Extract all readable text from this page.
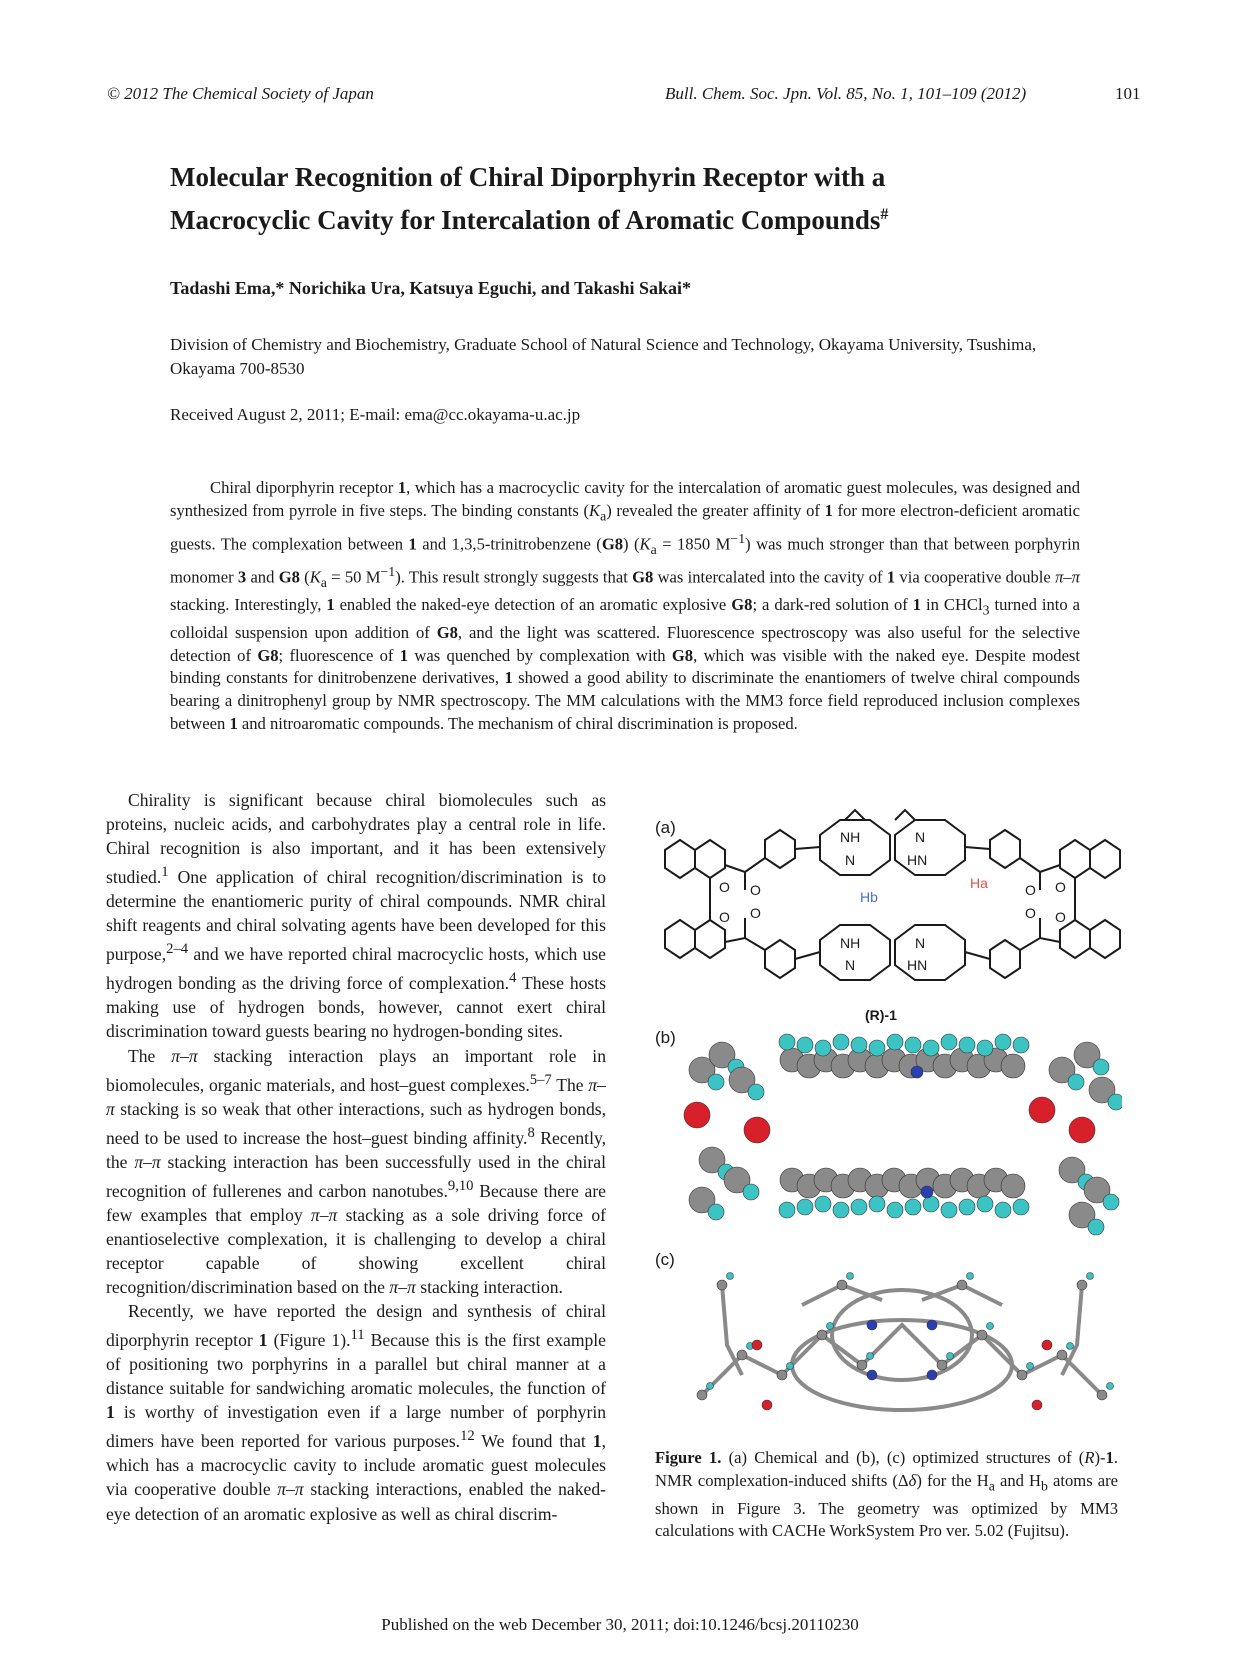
© 2012 The Chemical Society of Japan	Bull. Chem. Soc. Jpn. Vol. 85, No. 1, 101–109 (2012)	101
Molecular Recognition of Chiral Diporphyrin Receptor with a
Macrocyclic Cavity for Intercalation of Aromatic Compounds#
Tadashi Ema,* Norichika Ura, Katsuya Eguchi, and Takashi Sakai*
Division of Chemistry and Biochemistry, Graduate School of Natural Science and Technology, Okayama University, Tsushima, Okayama 700-8530
Received August 2, 2011; E-mail: ema@cc.okayama-u.ac.jp
Chiral diporphyrin receptor 1, which has a macrocyclic cavity for the intercalation of aromatic guest molecules, was designed and synthesized from pyrrole in five steps. The binding constants $(K_a)$ revealed the greater affinity of 1 for more electron-deficient aromatic guests. The complexation between 1 and 1,3,5-trinitrobenzene (G8) ($K_a = 1850$ $M^{-1}$) was much stronger than that between porphyrin monomer 3 and G8 ($K_a = 50$ $M^{-1}$). This result strongly suggests that G8 was intercalated into the cavity of 1 via cooperative double π–π stacking. Interestingly, 1 enabled the naked-eye detection of an aromatic explosive G8; a dark-red solution of 1 in CHCl$_3$ turned into a colloidal suspension upon addition of G8, and the light was scattered. Fluorescence spectroscopy was also useful for the selective detection of G8; fluorescence of 1 was quenched by complexation with G8, which was visible with the naked eye. Despite modest binding constants for dinitrobenzene derivatives, 1 showed a good ability to discriminate the enantiomers of twelve chiral compounds bearing a dinitrophenyl group by NMR spectroscopy. The MM calculations with the MM3 force field reproduced inclusion complexes between 1 and nitroaromatic compounds. The mechanism of chiral discrimination is proposed.

Chirality is significant because chiral biomolecules such as proteins, nucleic acids, and carbohydrates play a central role in life. Chiral recognition is also important, and it has been extensively studied.$^1$ One application of chiral recognition/discrimination is to determine the enantiomeric purity of chiral compounds. NMR chiral shift reagents and chiral solvating agents have been developed for this purpose,$^{2-4}$ and we have reported chiral macrocyclic hosts, which use hydrogen bonding as the driving force of complexation.$^4$ These hosts making use of hydrogen bonds, however, cannot exert chiral discrimination toward guests bearing no hydrogen-bonding sites.

The π–π stacking interaction plays an important role in biomolecules, organic materials, and host–guest complexes.$^{5-7}$ The π–π stacking is so weak that other interactions, such as hydrogen bonds, need to be used to increase the host–guest binding affinity.$^8$ Recently, the π–π stacking interaction has been successfully used in the chiral recognition of fullerenes and carbon nanotubes.$^{9,10}$ Because there are few examples that employ π–π stacking as a sole driving force of enantioselective complexation, it is challenging to develop a chiral receptor capable of showing excellent chiral recognition/discrimination based on the π–π stacking interaction.

Recently, we have reported the design and synthesis of chiral diporphyrin receptor 1 (Figure 1).$^{11}$ Because this is the first example of positioning two porphyrins in a parallel but chiral manner at a distance suitable for sandwiching aromatic molecules, the function of 1 is worthy of investigation even if a large number of porphyrin dimers have been reported for various purposes.$^{12}$ We found that 1, which has a macrocyclic cavity to include aromatic guest molecules via cooperative double π–π stacking interactions, enabled the naked-eye detection of an aromatic explosive as well as chiral discrim-

(a)
(b)
(c)
NH	N
N	HN
NH	N
N	HN
O O
O O
O O
O O
Ha
Hb
(R)-1
Figure 1. (a) Chemical and (b), (c) optimized structures of (R)-1. NMR complexation-induced shifts (Δδ) for the $H_a$ and $H_b$ atoms are shown in Figure 3. The geometry was optimized by MM3 calculations with CACHe WorkSystem Pro ver. 5.02 (Fujitsu).
Published on the web December 30, 2011; doi:10.1246/bcsj.20110230
